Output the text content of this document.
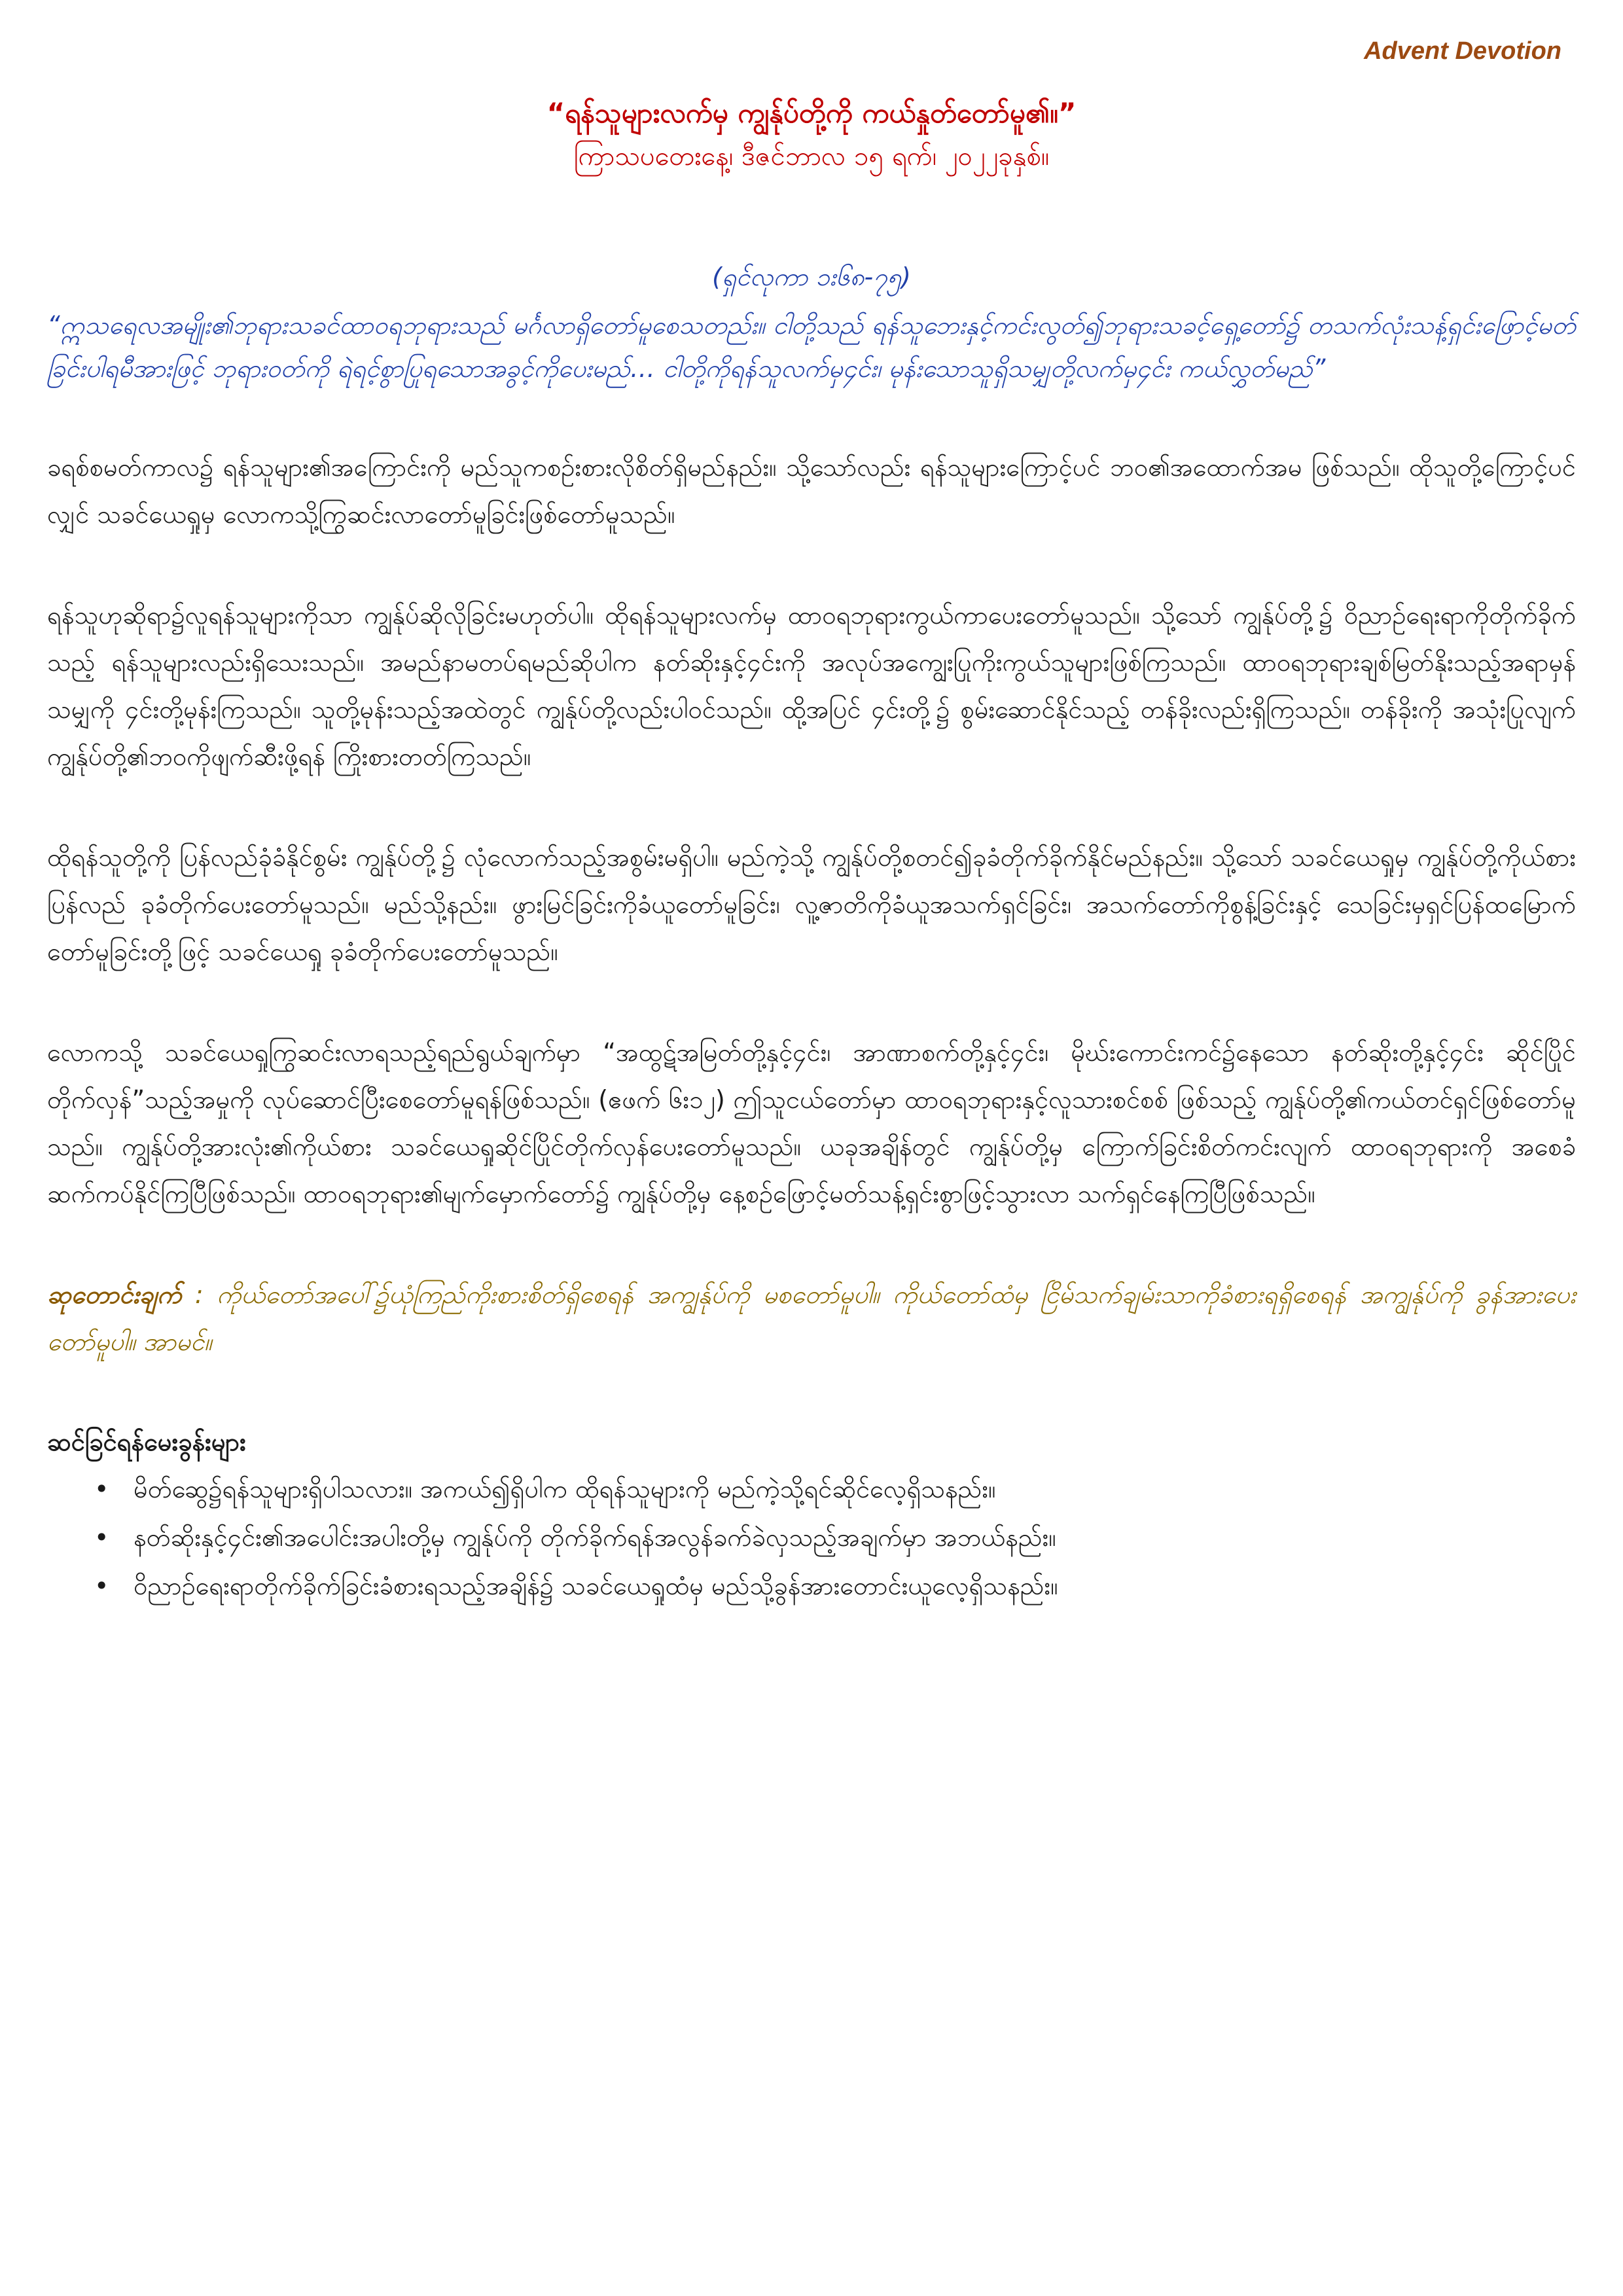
Advent Devotion
“ရန်သူများလက်မှ ကျွန်ုပ်တို့ကို ကယ်နှုတ်တော်မူ၏။”
ကြာသပတေးနေ့၊ ဒီဇင်ဘာလ ၁၅ ရက်၊ ၂၀၂၂ခုနှစ်။
(ရှင်လုကာ ၁း၆၈-၇၅)
“ဣသရေလအမျိုး၏ဘုရားသခင်ထာဝရဘုရားသည် မင်္ဂလာရှိတော်မူစေသတည်း။ ငါတို့သည် ရန်သူဘေးနှင့်ကင်းလွတ်၍ဘုရားသခင့်ရှေ့တော်၌ တသက်လုံးသန့်ရှင်းဖြောင့်မတ်ခြင်းပါရမီအားဖြင့် ဘုရားဝတ်ကို ရဲရင့်စွာပြုရသောအခွင့်ကိုပေးမည်… ငါတို့ကိုရန်သူလက်မှ၄င်း၊ မုန်းသောသူရှိသမျှတို့လက်မှ၄င်း ကယ်လွှတ်မည်”
ခရစ်စမတ်ကာလ၌ ရန်သူများ၏အကြောင်းကို မည်သူကစဉ်းစားလိုစိတ်ရှိမည်နည်း။ သို့သော်လည်း ရန်သူများကြောင့်ပင် ဘဝ၏အထောက်အမ ဖြစ်သည်။ ထိုသူတို့ကြောင့်ပင်လျှင် သခင်ယေရှုမှ လောကသို့ကြွဆင်းလာတော်မူခြင်းဖြစ်တော်မူသည်။
ရန်သူဟုဆိုရာ၌လူရန်သူများကိုသာ ကျွန်ုပ်ဆိုလိုခြင်းမဟုတ်ပါ။ ထိုရန်သူများလက်မှ ထာဝရဘုရားကွယ်ကာပေးတော်မူသည်။ သို့သော် ကျွန်ုပ်တို့၌ ဝိညာဉ်ရေးရာကိုတိုက်ခိုက်သည့် ရန်သူများလည်းရှိသေးသည်။ အမည်နာမတပ်ရမည်ဆိုပါက နတ်ဆိုးနှင့်၄င်းကို အလုပ်အကျွေးပြုကိုးကွယ်သူများဖြစ်ကြသည်။ ထာဝရဘုရားချစ်မြတ်နိုးသည့်အရာမှန်သမျှကို ၄င်းတို့မုန်းကြသည်။ သူတို့မုန်းသည့်အထဲတွင် ကျွန်ုပ်တို့လည်းပါဝင်သည်။ ထို့အပြင် ၄င်းတို့၌ စွမ်းဆောင်နိုင်သည့် တန်ခိုးလည်းရှိကြသည်။ တန်ခိုးကို အသုံးပြုလျက် ကျွန်ုပ်တို့၏ဘဝကိုဖျက်ဆီးဖို့ရန် ကြိုးစားတတ်ကြသည်။
ထိုရန်သူတို့ကို ပြန်လည်ခုံခံနိုင်စွမ်း ကျွန်ုပ်တို့၌ လုံလောက်သည့်အစွမ်းမရှိပါ။ မည်ကဲ့သို့ ကျွန်ုပ်တို့စတင်၍ခုခံတိုက်ခိုက်နိုင်မည်နည်း။ သို့သော် သခင်ယေရှုမှ ကျွန်ုပ်တို့ကိုယ်စားပြန်လည် ခုခံတိုက်ပေးတော်မူသည်။ မည်သို့နည်း။ ဖွားမြင်ခြင်းကိုခံယူတော်မူခြင်း၊ လူ့ဇာတိကိုခံယူအသက်ရှင်ခြင်း၊ အသက်တော်ကိုစွန့်ခြင်းနှင့် သေခြင်းမှရှင်ပြန်ထမြောက်တော်မူခြင်းတို့ဖြင့် သခင်ယေရှု ခုခံတိုက်ပေးတော်မူသည်။
လောကသို့ သခင်ယေရှုကြွဆင်းလာရသည့်ရည်ရွယ်ချက်မှာ “အထွဋ်အမြတ်တို့နှင့်၄င်း၊ အာဏာစက်တို့နှင့်၄င်း၊ မိုဃ်းကောင်းကင်၌နေသော နတ်ဆိုးတို့နှင့်၄င်း ဆိုင်ပြိုင်တိုက်လှန်”သည့်အမှုကို လုပ်ဆောင်ပြီးစေတော်မူရန်ဖြစ်သည်။ (ဧဖက် ၆း၁၂) ဤသူငယ်တော်မှာ ထာဝရဘုရားနှင့်လူသားစင်စစ် ဖြစ်သည့် ကျွန်ုပ်တို့၏ကယ်တင်ရှင်ဖြစ်တော်မူသည်။ ကျွန်ုပ်တို့အားလုံး၏ကိုယ်စား သခင်ယေရှုဆိုင်ပြိုင်တိုက်လှန်ပေးတော်မူသည်။ ယခုအချိန်တွင် ကျွန်ုပ်တို့မှ ကြောက်ခြင်းစိတ်ကင်းလျက် ထာဝရဘုရားကို အစေခံဆက်ကပ်နိုင်ကြပြီဖြစ်သည်။ ထာဝရဘုရား၏မျက်မှောက်တော်၌ ကျွန်ုပ်တို့မှ နေ့စဉ်ဖြောင့်မတ်သန့်ရှင်းစွာဖြင့်သွားလာ သက်ရှင်နေကြပြီဖြစ်သည်။
ဆုတောင်းချက် : ကိုယ်တော်အပေါ်၌ယုံကြည်ကိုးစားစိတ်ရှိစေရန် အကျွန်ုပ်ကို မစတော်မူပါ။ ကိုယ်တော်ထံမှ ငြိမ်သက်ချမ်းသာကိုခံစားရရှိစေရန် အကျွန်ုပ်ကို ခွန်အားပေးတော်မူပါ။ အာမင်။
ဆင်ခြင်ရန်မေးခွန်းများ
• မိတ်ဆွေ၌ရန်သူများရှိပါသလား။ အကယ်၍ရှိပါက ထိုရန်သူများကို မည်ကဲ့သို့ရင်ဆိုင်လေ့ရှိသနည်း။
• နတ်ဆိုးနှင့်၄င်း၏အပေါင်းအပါးတို့မှ ကျွန်ုပ်ကို တိုက်ခိုက်ရန်အလွန်ခက်ခဲလှသည့်အချက်မှာ အဘယ်နည်း။
• ဝိညာဉ်ရေးရာတိုက်ခိုက်ခြင်းခံစားရသည့်အချိန်၌ သခင်ယေရှုထံမှ မည်သို့ခွန်အားတောင်းယူလေ့ရှိသနည်း။
